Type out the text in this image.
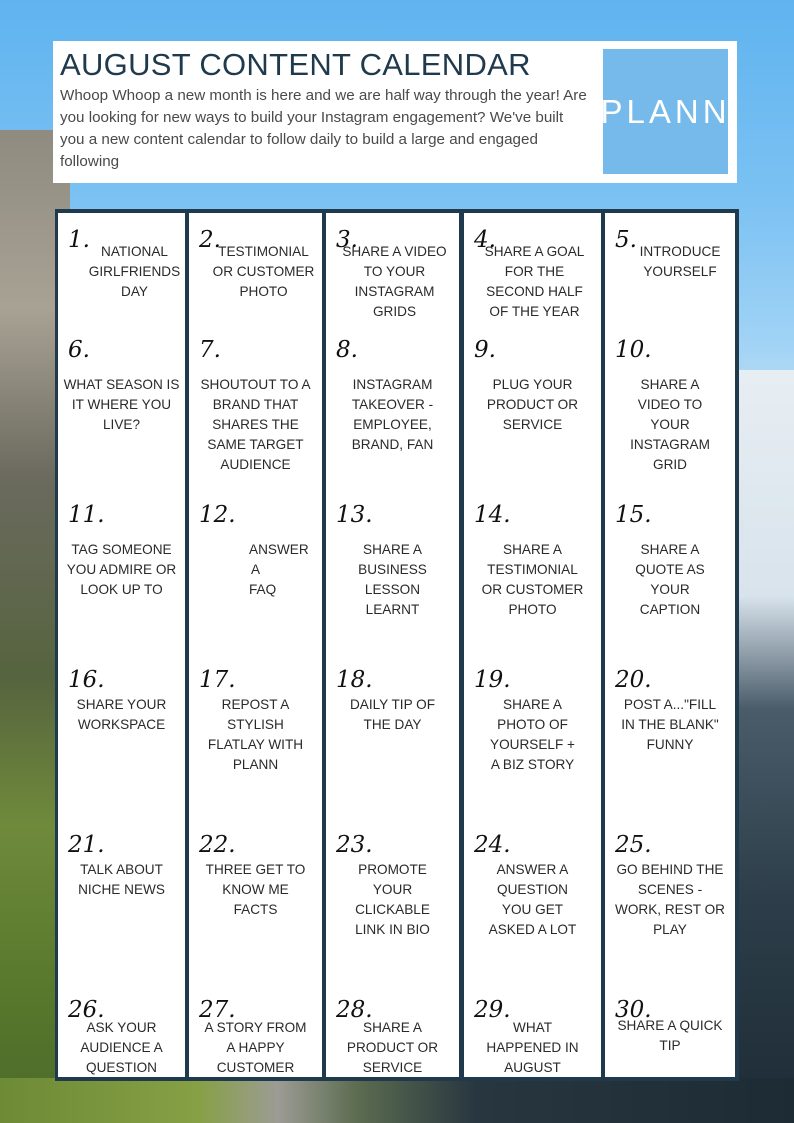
AUGUST CONTENT CALENDAR
Whoop Whoop a new month is here and we are half way through the year! Are you looking for new ways to build your Instagram engagement? We've built you a new content calendar to follow daily to build a large and engaged following
PLANN
1. NATIONAL GIRLFRIENDS DAY
6.
WHAT SEASON IS IT WHERE YOU LIVE?
11.
TAG SOMEONE YOU ADMIRE OR LOOK UP TO
16.
SHARE YOUR WORKSPACE
21.
TALK ABOUT NICHE NEWS
26.
ASK YOUR AUDIENCE A QUESTION
2.
TESTIMONIAL OR CUSTOMER PHOTO
7.
SHOUTOUT TO A BRAND THAT SHARES THE SAME TARGET AUDIENCE
12.
ANSWER A FAQ
17.
REPOST A STYLISH FLATLAY WITH PLANN
22.
THREE GET TO KNOW ME FACTS
27.
A STORY FROM A HAPPY CUSTOMER
3.
SHARE A VIDEO TO YOUR INSTAGRAM GRIDS
8.
INSTAGRAM TAKEOVER - EMPLOYEE, BRAND, FAN
13.
SHARE A BUSINESS LESSON LEARNT
18.
DAILY TIP OF THE DAY
23.
PROMOTE YOUR CLICKABLE LINK IN BIO
28.
SHARE A PRODUCT OR SERVICE
4.
SHARE A GOAL FOR THE SECOND HALF OF THE YEAR
9.
PLUG YOUR PRODUCT OR SERVICE
14.
SHARE A TESTIMONIAL OR CUSTOMER PHOTO
19.
SHARE A PHOTO OF YOURSELF + A BIZ STORY
24.
ANSWER A QUESTION YOU GET ASKED A LOT
29.
WHAT HAPPENED IN AUGUST
5. INTRODUCE YOURSELF
10.
SHARE A VIDEO TO YOUR INSTAGRAM GRID
15.
SHARE A QUOTE AS YOUR CAPTION
20.
POST A..."FILL IN THE BLANK" FUNNY
25.
GO BEHIND THE SCENES - WORK, REST OR PLAY
30.
SHARE A QUICK TIP
